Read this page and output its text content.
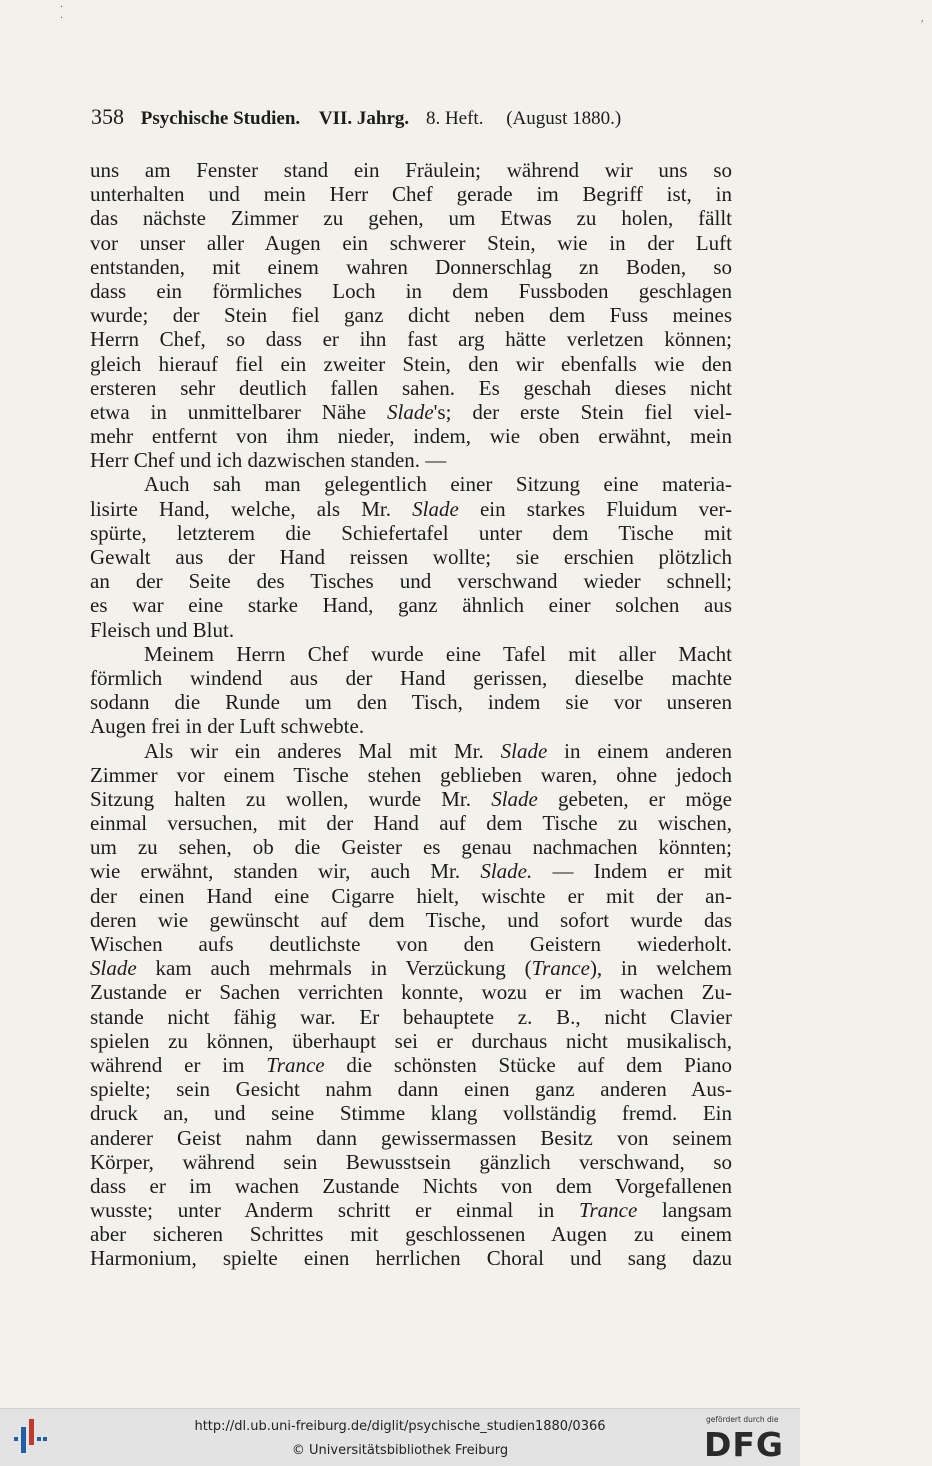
· ·                                                                            ,
358 Psychische Studien. VII. Jahrg. 8. Heft. (August 1880.)
uns am Fenster stand ein Fräulein; während wir uns so
unterhalten und mein Herr Chef gerade im Begriff ist, in
das nächste Zimmer zu gehen, um Etwas zu holen, fällt
vor unser aller Augen ein schwerer Stein, wie in der Luft
entstanden, mit einem wahren Donnerschlag zn Boden, so
dass ein förmliches Loch in dem Fussboden geschlagen
wurde; der Stein fiel ganz dicht neben dem Fuss meines
Herrn Chef, so dass er ihn fast arg hätte verletzen können;
gleich hierauf fiel ein zweiter Stein, den wir ebenfalls wie den
ersteren sehr deutlich fallen sahen. Es geschah dieses nicht
etwa in unmittelbarer Nähe Slade's; der erste Stein fiel viel-
mehr entfernt von ihm nieder, indem, wie oben erwähnt, mein
Herr Chef und ich dazwischen standen. —
Auch sah man gelegentlich einer Sitzung eine materia-
lisirte Hand, welche, als Mr. Slade ein starkes Fluidum ver-
spürte, letzterem die Schiefertafel unter dem Tische mit
Gewalt aus der Hand reissen wollte; sie erschien plötzlich
an der Seite des Tisches und verschwand wieder schnell;
es war eine starke Hand, ganz ähnlich einer solchen aus
Fleisch und Blut.
Meinem Herrn Chef wurde eine Tafel mit aller Macht
förmlich windend aus der Hand gerissen, dieselbe machte
sodann die Runde um den Tisch, indem sie vor unseren
Augen frei in der Luft schwebte.
Als wir ein anderes Mal mit Mr. Slade in einem anderen
Zimmer vor einem Tische stehen geblieben waren, ohne jedoch
Sitzung halten zu wollen, wurde Mr. Slade gebeten, er möge
einmal versuchen, mit der Hand auf dem Tische zu wischen,
um zu sehen, ob die Geister es genau nachmachen könnten;
wie erwähnt, standen wir, auch Mr. Slade. — Indem er mit
der einen Hand eine Cigarre hielt, wischte er mit der an-
deren wie gewünscht auf dem Tische, und sofort wurde das
Wischen aufs deutlichste von den Geistern wiederholt.
Slade kam auch mehrmals in Verzückung (Trance), in welchem
Zustande er Sachen verrichten konnte, wozu er im wachen Zu-
stande nicht fähig war. Er behauptete z. B., nicht Clavier
spielen zu können, überhaupt sei er durchaus nicht musikalisch,
während er im Trance die schönsten Stücke auf dem Piano
spielte; sein Gesicht nahm dann einen ganz anderen Aus-
druck an, und seine Stimme klang vollständig fremd. Ein
anderer Geist nahm dann gewissermassen Besitz von seinem
Körper, während sein Bewusstsein gänzlich verschwand, so
dass er im wachen Zustande Nichts von dem Vorgefallenen
wusste; unter Anderm schritt er einmal in Trance langsam
aber sicheren Schrittes mit geschlossenen Augen zu einem
Harmonium, spielte einen herrlichen Choral und sang dazu
http://dl.ub.uni-freiburg.de/diglit/psychische_studien1880/0366
© Universitätsbibliothek Freiburg
gefördert durch die
DFG
